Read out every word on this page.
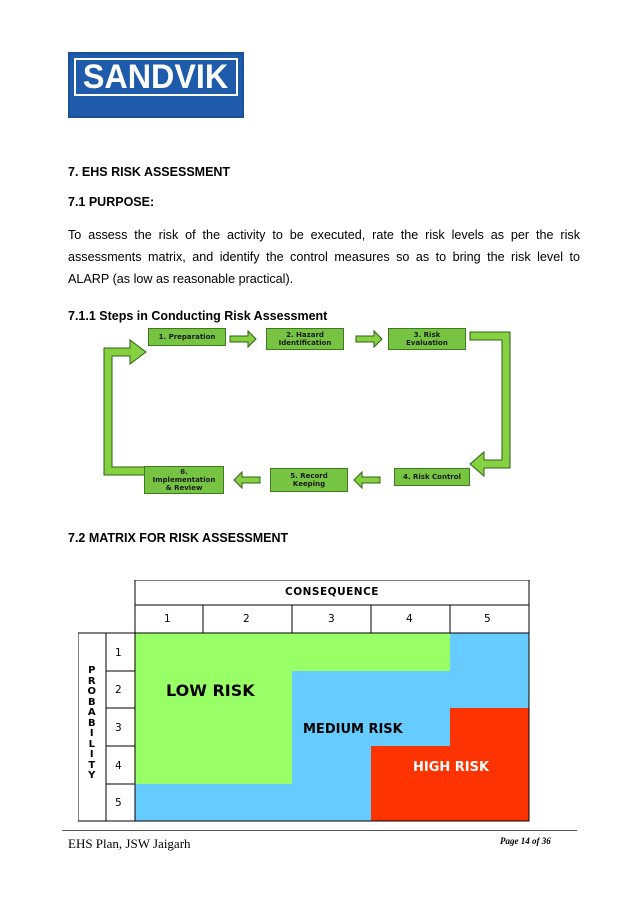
SANDVIK
7. EHS RISK ASSESSMENT
7.1 PURPOSE:
To assess the risk of the activity to be executed, rate the risk levels as per the risk
assessments matrix, and identify the control measures so as to bring the risk level to
ALARP (as low as reasonable practical).
7.1.1 Steps in Conducting Risk Assessment
1. Preparation	2. Hazard
Identification
3. Risk
Evaluation
4. Risk Control
5. Record
Keeping
6.
Implementation
& Review
7.2 MATRIX FOR RISK ASSESSMENT
CONSEQUENCE
1	2	3	4	5
P
R
O
B
A
B
I
L
I
T
Y
1
2
3
4
5
LOW RISK
MEDIUM RISK
HIGH RISK
EHS Plan, JSW Jaigarh	Page 14 of 36
